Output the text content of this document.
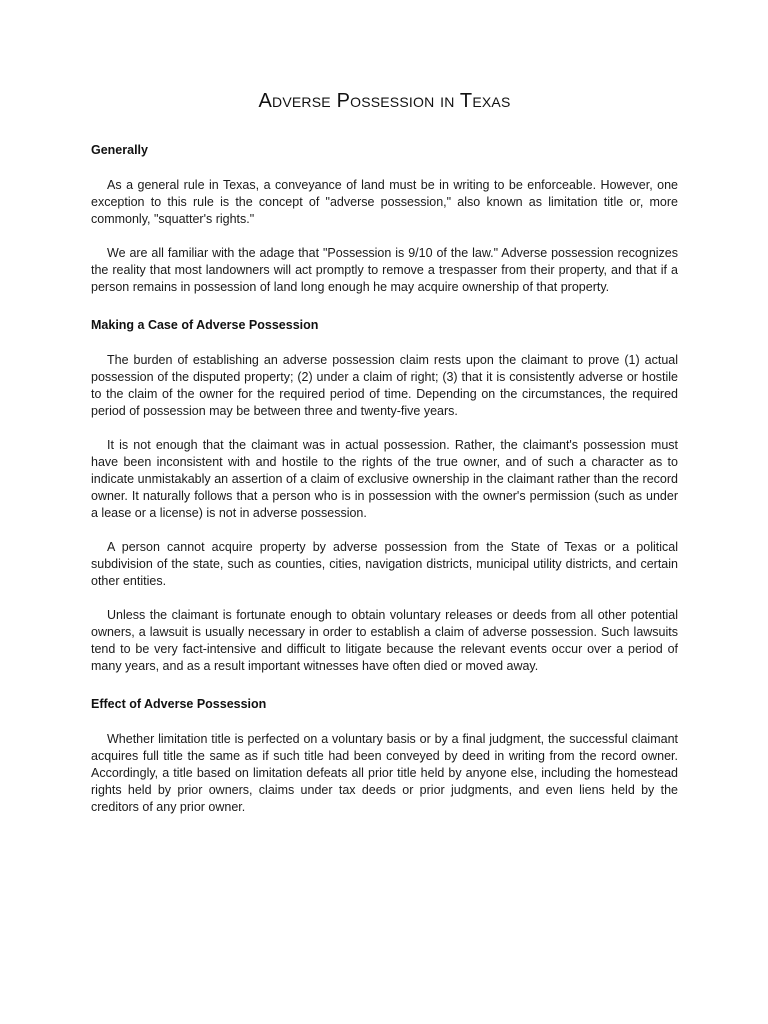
Adverse Possession in Texas
Generally

As a general rule in Texas, a conveyance of land must be in writing to be enforceable. However, one exception to this rule is the concept of "adverse possession," also known as limitation title or, more commonly, "squatter's rights."

We are all familiar with the adage that "Possession is 9/10 of the law." Adverse possession recognizes the reality that most landowners will act promptly to remove a trespasser from their property, and that if a person remains in possession of land long enough he may acquire ownership of that property.

Making a Case of Adverse Possession

The burden of establishing an adverse possession claim rests upon the claimant to prove (1) actual possession of the disputed property; (2) under a claim of right; (3) that it is consistently adverse or hostile to the claim of the owner for the required period of time. Depending on the circumstances, the required period of possession may be between three and twenty-five years.

It is not enough that the claimant was in actual possession. Rather, the claimant's possession must have been inconsistent with and hostile to the rights of the true owner, and of such a character as to indicate unmistakably an assertion of a claim of exclusive ownership in the claimant rather than the record owner. It naturally follows that a person who is in possession with the owner's permission (such as under a lease or a license) is not in adverse possession.

A person cannot acquire property by adverse possession from the State of Texas or a political subdivision of the state, such as counties, cities, navigation districts, municipal utility districts, and certain other entities.

Unless the claimant is fortunate enough to obtain voluntary releases or deeds from all other potential owners, a lawsuit is usually necessary in order to establish a claim of adverse possession. Such lawsuits tend to be very fact-intensive and difficult to litigate because the relevant events occur over a period of many years, and as a result important witnesses have often died or moved away.

Effect of Adverse Possession

Whether limitation title is perfected on a voluntary basis or by a final judgment, the successful claimant acquires full title the same as if such title had been conveyed by deed in writing from the record owner. Accordingly, a title based on limitation defeats all prior title held by anyone else, including the homestead rights held by prior owners, claims under tax deeds or prior judgments, and even liens held by the creditors of any prior owner.
